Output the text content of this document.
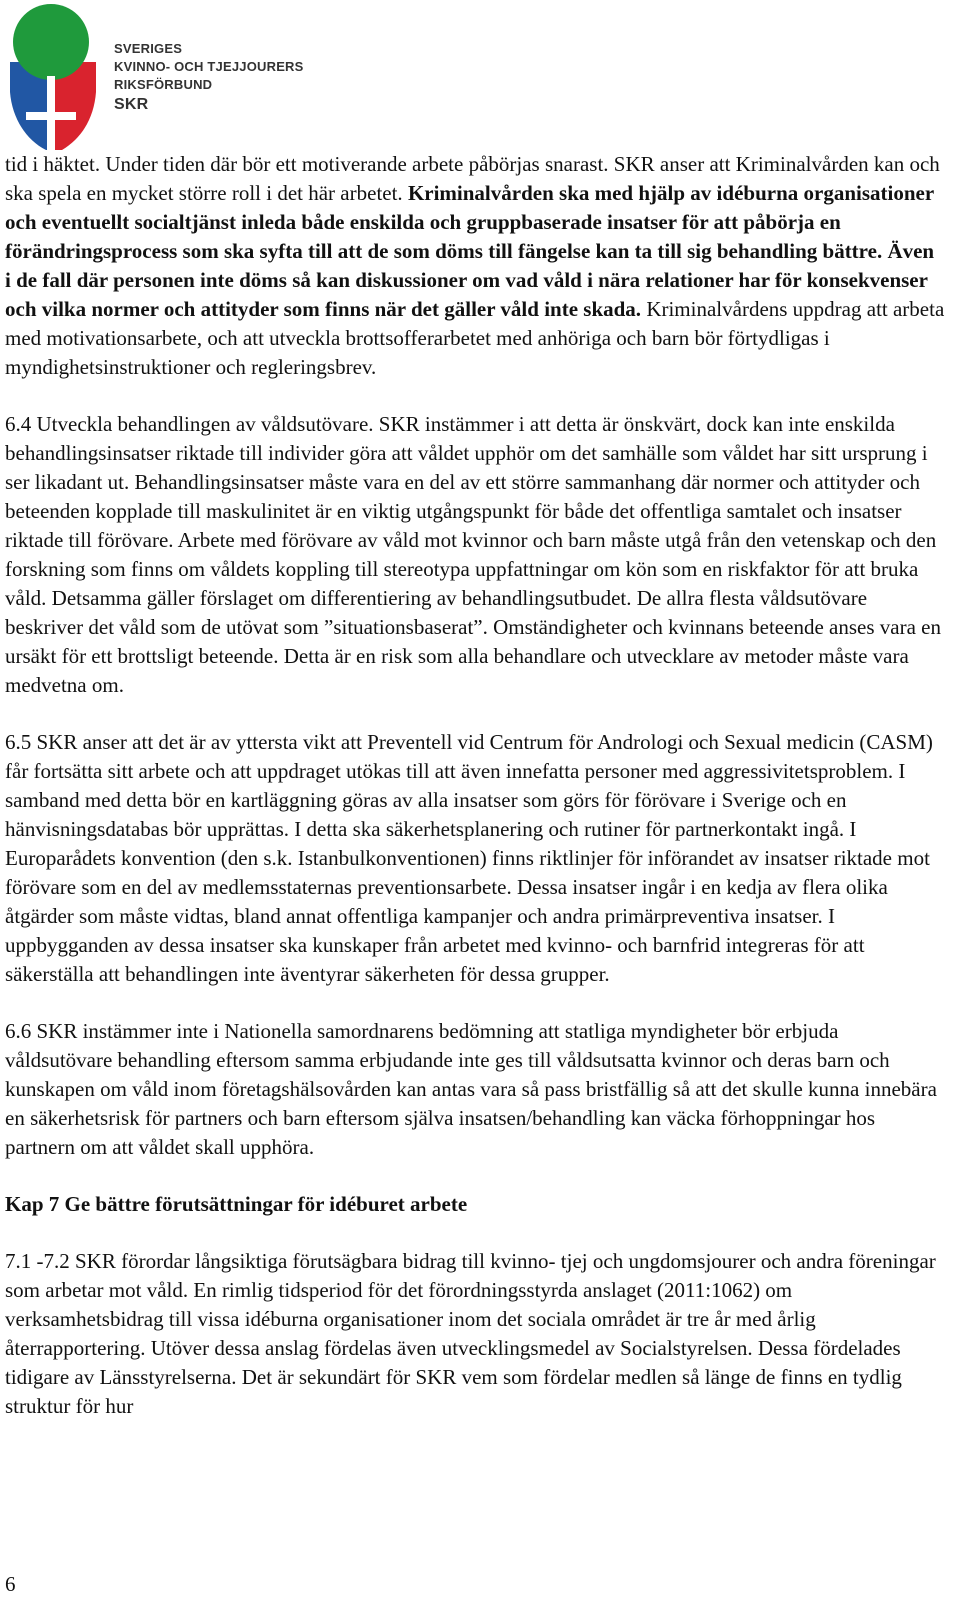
SVERIGES
KVINNO- OCH TJEJJOURERS
RIKSFÖRBUND
SKR

tid i häktet. Under tiden där bör ett motiverande arbete påbörjas snarast. SKR anser att Kriminalvården kan och ska spela en mycket större roll i det här arbetet. Kriminalvården ska med hjälp av idéburna organisationer och eventuellt socialtjänst inleda både enskilda och gruppbaserade insatser för att påbörja en förändringsprocess som ska syfta till att de som döms till fängelse kan ta till sig behandling bättre. Även i de fall där personen inte döms så kan diskussioner om vad våld i nära relationer har för konsekvenser och vilka normer och attityder som finns när det gäller våld inte skada. Kriminalvårdens uppdrag att arbeta med motivationsarbete, och att utveckla brottsofferarbetet med anhöriga och barn bör förtydligas i myndighetsinstruktioner och regleringsbrev.

6.4 Utveckla behandlingen av våldsutövare. SKR instämmer i att detta är önskvärt, dock kan inte enskilda behandlingsinsatser riktade till individer göra att våldet upphör om det samhälle som våldet har sitt ursprung i ser likadant ut. Behandlingsinsatser måste vara en del av ett större sammanhang där normer och attityder och beteenden kopplade till maskulinitet är en viktig utgångspunkt för både det offentliga samtalet och insatser riktade till förövare. Arbete med förövare av våld mot kvinnor och barn måste utgå från den vetenskap och den forskning som finns om våldets koppling till stereotypa uppfattningar om kön som en riskfaktor för att bruka våld. Detsamma gäller förslaget om differentiering av behandlingsutbudet. De allra flesta våldsutövare beskriver det våld som de utövat som ”situationsbaserat”. Omständigheter och kvinnans beteende anses vara en ursäkt för ett brottsligt beteende. Detta är en risk som alla behandlare och utvecklare av metoder måste vara medvetna om.

6.5 SKR anser att det är av yttersta vikt att Preventell vid Centrum för Andrologi och Sexual medicin (CASM) får fortsätta sitt arbete och att uppdraget utökas till att även innefatta personer med aggressivitetsproblem. I samband med detta bör en kartläggning göras av alla insatser som görs för förövare i Sverige och en hänvisningsdatabas bör upprättas. I detta ska säkerhetsplanering och rutiner för partnerkontakt ingå. I Europarådets konvention (den s.k. Istanbulkonventionen) finns riktlinjer för införandet av insatser riktade mot förövare som en del av medlemsstaternas preventionsarbete. Dessa insatser ingår i en kedja av flera olika åtgärder som måste vidtas, bland annat offentliga kampanjer och andra primärpreventiva insatser. I uppbygganden av dessa insatser ska kunskaper från arbetet med kvinno- och barnfrid integreras för att säkerställa att behandlingen inte äventyrar säkerheten för dessa grupper.

6.6 SKR instämmer inte i Nationella samordnarens bedömning att statliga myndigheter bör erbjuda våldsutövare behandling eftersom samma erbjudande inte ges till våldsutsatta kvinnor och deras barn och kunskapen om våld inom företagshälsovården kan antas vara så pass bristfällig så att det skulle kunna innebära en säkerhetsrisk för partners och barn eftersom själva insatsen/behandling kan väcka förhoppningar hos partnern om att våldet skall upphöra.

Kap 7 Ge bättre förutsättningar för idéburet arbete

7.1 -7.2 SKR förordar långsiktiga förutsägbara bidrag till kvinno- tjej och ungdomsjourer och andra föreningar som arbetar mot våld. En rimlig tidsperiod för det förordningsstyrda anslaget (2011:1062) om verksamhetsbidrag till vissa idéburna organisationer inom det sociala området är tre år med årlig återrapportering. Utöver dessa anslag fördelas även utvecklingsmedel av Socialstyrelsen. Dessa fördelades tidigare av Länsstyrelserna. Det är sekundärt för SKR vem som fördelar medlen så länge de finns en tydlig struktur för hur

6
